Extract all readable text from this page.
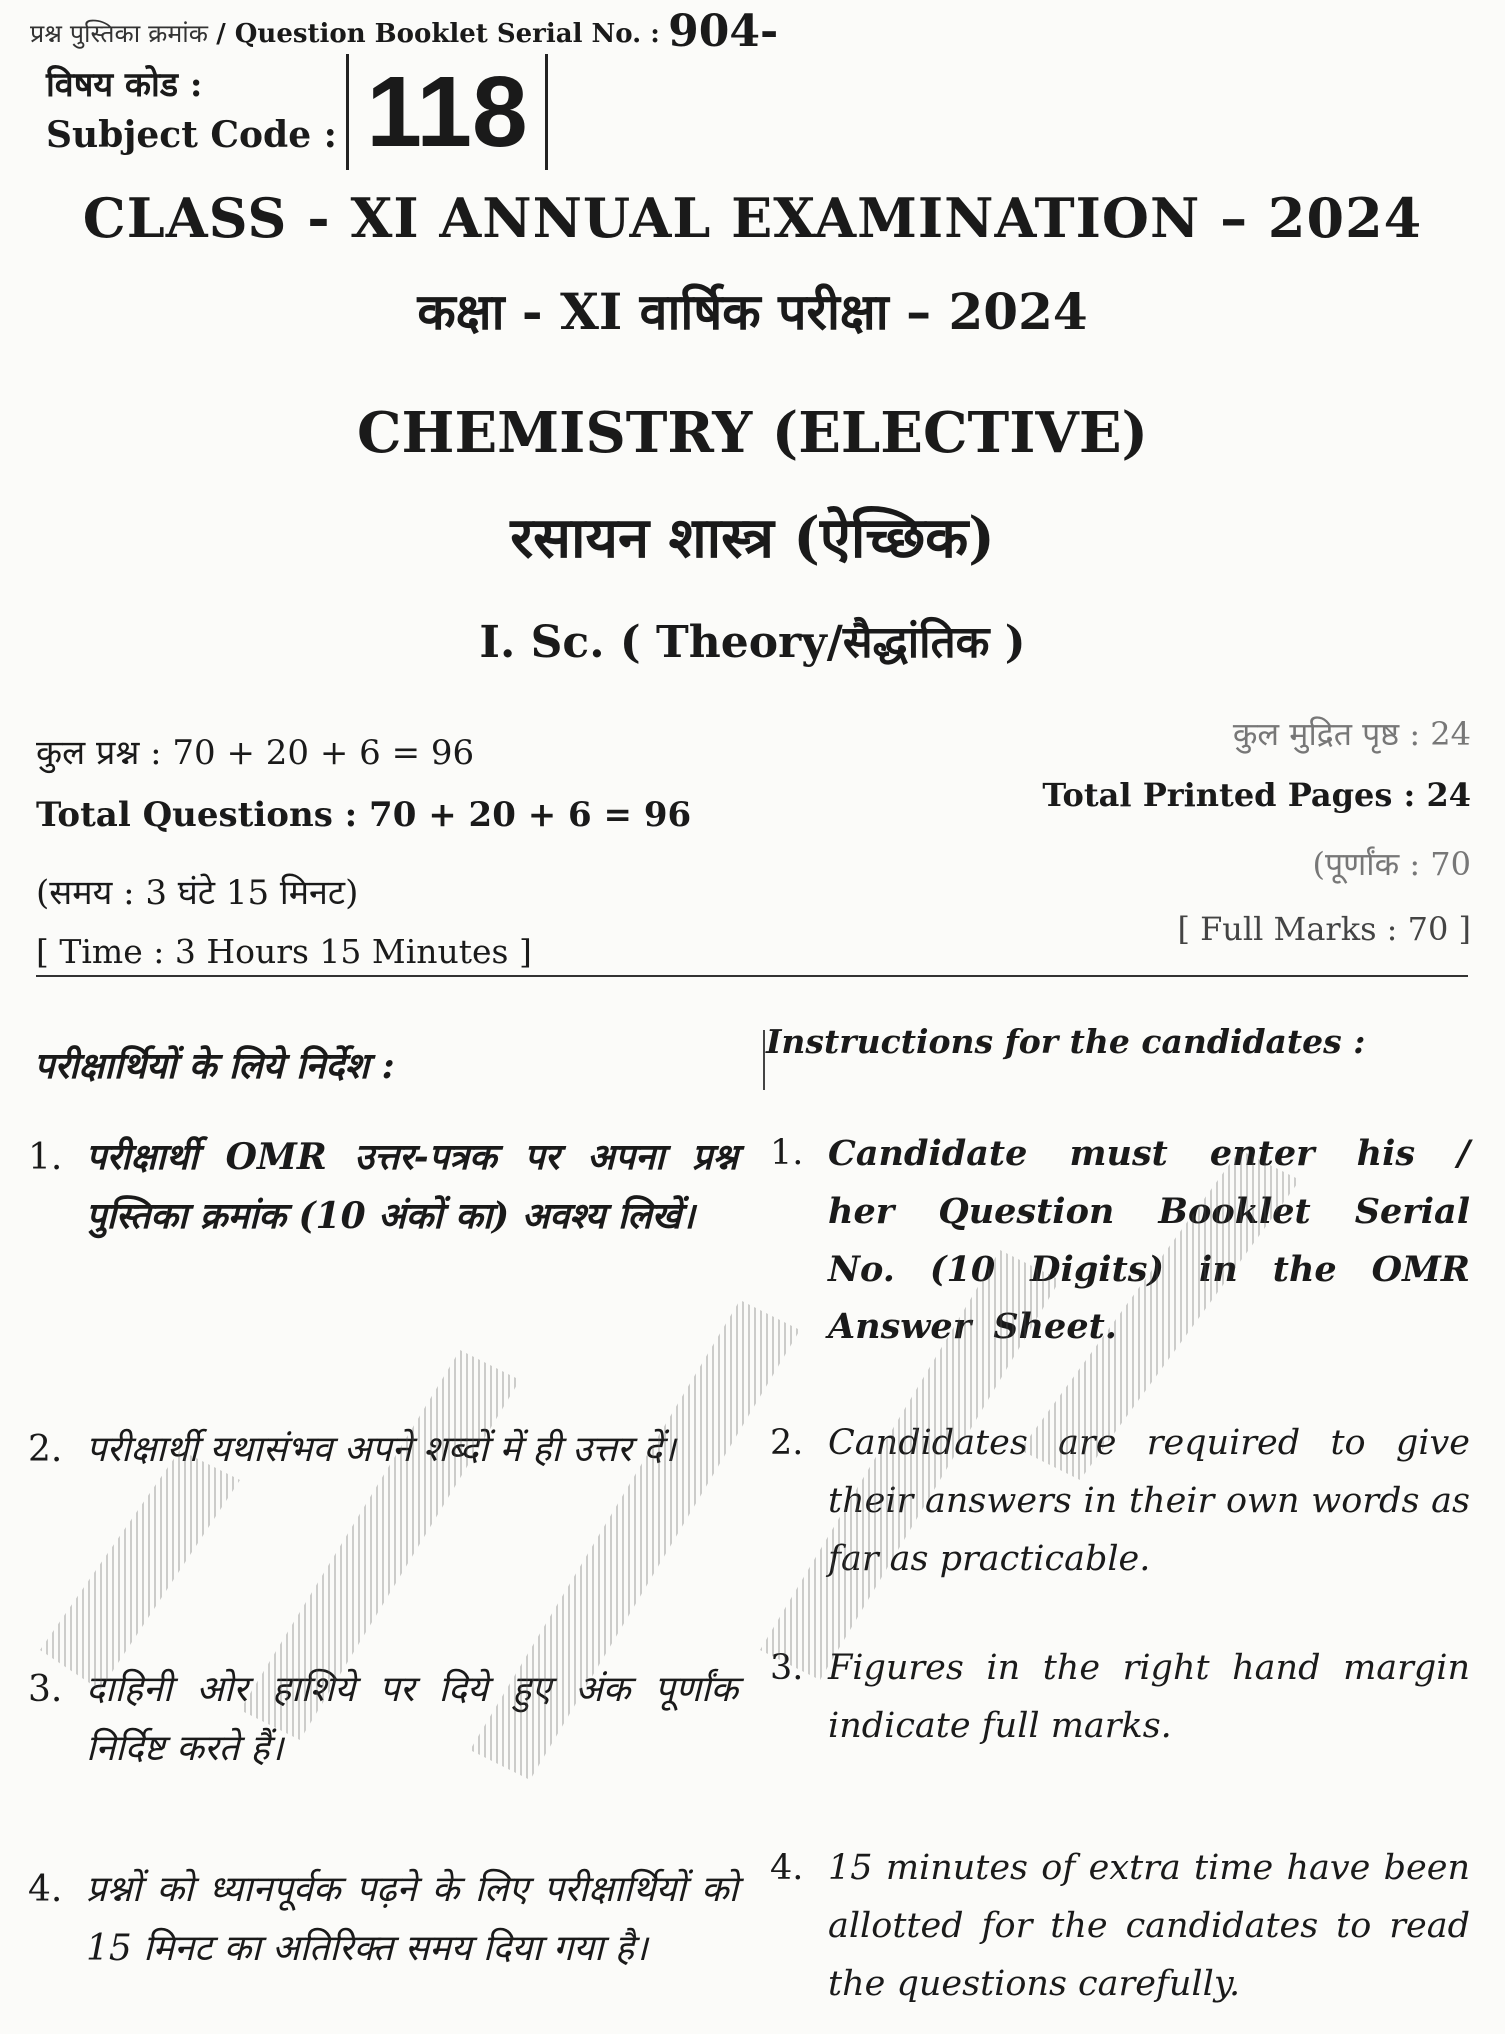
प्रश्न पुस्तिका क्रमांक / Question Booklet Serial No. : 904-
विषय कोड :
Subject Code : 118
CLASS - XI ANNUAL EXAMINATION – 2024
कक्षा - XI वार्षिक परीक्षा – 2024
CHEMISTRY (ELECTIVE)
रसायन शास्त्र (ऐच्छिक)
I. Sc. ( Theory/सैद्धांतिक )
कुल प्रश्न : 70 + 20 + 6 = 96
Total Questions : 70 + 20 + 6 = 96
(समय : 3 घंटे 15 मिनट)
[ Time : 3 Hours 15 Minutes ]
कुल मुद्रित पृष्ठ : 24
Total Printed Pages : 24
(पूर्णांक : 70
[ Full Marks : 70 ]
परीक्षार्थियों के लिये निर्देश :
Instructions for the candidates :
1. परीक्षार्थी OMR उत्तर-पत्रक पर अपना प्रश्न पुस्तिका क्रमांक (10 अंकों का) अवश्य लिखें।
2. परीक्षार्थी यथासंभव अपने शब्दों में ही उत्तर दें।
3. दाहिनी ओर हाशिये पर दिये हुए अंक पूर्णांक निर्दिष्ट करते हैं।
4. प्रश्नों को ध्यानपूर्वक पढ़ने के लिए परीक्षार्थियों को 15 मिनट का अतिरिक्त समय दिया गया है।
1. Candidate must enter his / her Question Booklet Serial No. (10 Digits) in the OMR Answer Sheet.
2. Candidates are required to give their answers in their own words as far as practicable.
3. Figures in the right hand margin indicate full marks.
4. 15 minutes of extra time have been allotted for the candidates to read the questions carefully.
